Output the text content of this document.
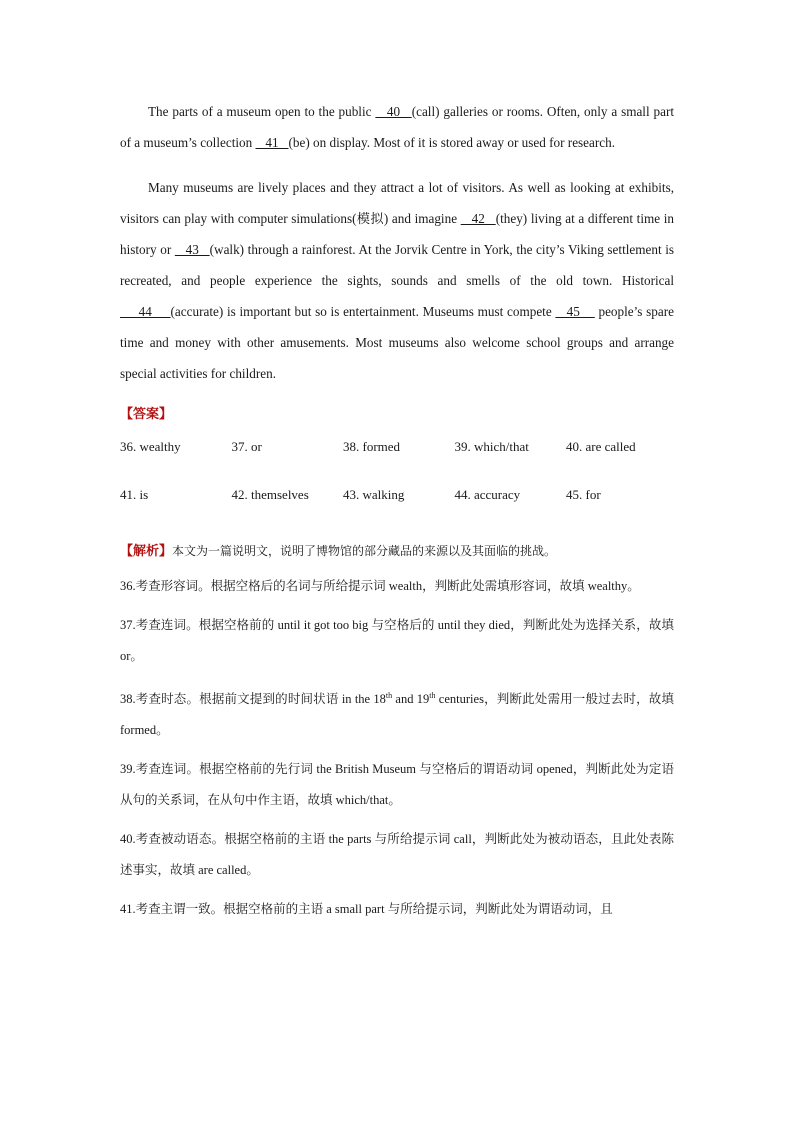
The parts of a museum open to the public    40   (call) galleries or rooms. Often, only a small part of a museum’s collection    41   (be) on display. Most of it is stored away or used for research.

Many museums are lively places and they attract a lot of visitors. As well as looking at exhibits, visitors can play with computer simulations(模拟) and imagine    42   (they) living at a different time in history or    43   (walk) through a rainforest. At the Jorvik Centre in York, the city’s Viking settlement is recreated, and people experience the sights, sounds and smells of the old town. Historical      44     (accurate) is important but so is entertainment. Museums must compete    45     people’s spare time and money with other amusements. Most museums also welcome school groups and arrange special activities for children.

【答案】
36. wealthy	37. or	38. formed	39. which/that	40. are called
41. is	42. themselves	43. walking	44. accuracy	45. for

【解析】本文为一篇说明文，说明了博物馆的部分藏品的来源以及其面临的挑战。

36.考查形容词。根据空格后的名词与所给提示词 wealth，判断此处需填形容词，故填 wealthy。

37.考查连词。根据空格前的 until it got too big 与空格后的 until they died，判断此处为选择关系，故填 or。

38.考查时态。根据前文提到的时间状语 in the 18th and 19th centuries，判断此处需用一般过去时，故填 formed。

39.考查连词。根据空格前的先行词 the British Museum 与空格后的谓语动词 opened，判断此处为定语从句的关系词，在从句中作主语，故填 which/that。

40.考查被动语态。根据空格前的主语 the parts 与所给提示词 call，判断此处为被动语态，且此处表陈述事实，故填 are called。

41.考查主谓一致。根据空格前的主语 a small part 与所给提示词，判断此处为谓语动词，且
